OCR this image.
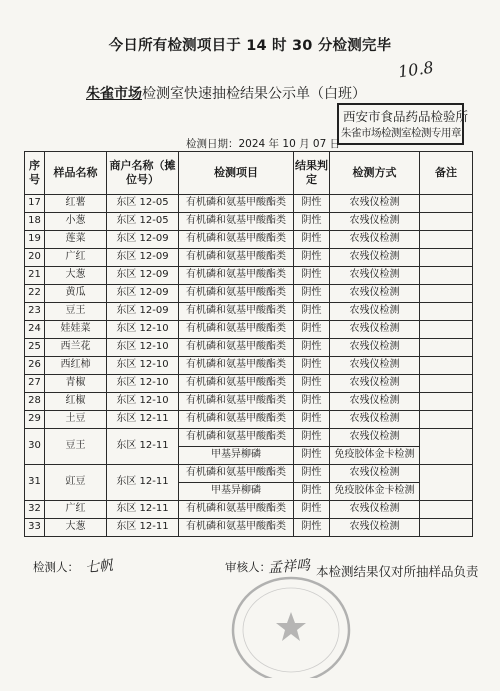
今日所有检测项目于 14 时 30 分检测完毕
朱雀市场检测室快速抽检结果公示单（白班）
10.8
西安市食品药品检验所
朱雀市场检测室检测专用章
检测日期：2024 年 10 月 07 日
序号	样品名称	商户名称（摊位号）	检测项目	结果判定	检测方式	备注
17	红薯	东区 12-05	有机磷和氨基甲酸酯类	阴性	农残仪检测	
18	小葱	东区 12-05	有机磷和氨基甲酸酯类	阴性	农残仪检测	
19	莲菜	东区 12-09	有机磷和氨基甲酸酯类	阴性	农残仪检测	
20	广红	东区 12-09	有机磷和氨基甲酸酯类	阴性	农残仪检测	
21	大葱	东区 12-09	有机磷和氨基甲酸酯类	阴性	农残仪检测	
22	黄瓜	东区 12-09	有机磷和氨基甲酸酯类	阴性	农残仪检测	
23	豆王	东区 12-09	有机磷和氨基甲酸酯类	阴性	农残仪检测	
24	娃娃菜	东区 12-10	有机磷和氨基甲酸酯类	阴性	农残仪检测	
25	西兰花	东区 12-10	有机磷和氨基甲酸酯类	阴性	农残仪检测	
26	西红柿	东区 12-10	有机磷和氨基甲酸酯类	阴性	农残仪检测	
27	青椒	东区 12-10	有机磷和氨基甲酸酯类	阴性	农残仪检测	
28	红椒	东区 12-10	有机磷和氨基甲酸酯类	阴性	农残仪检测	
29	土豆	东区 12-11	有机磷和氨基甲酸酯类	阴性	农残仪检测	
30	豆王	东区 12-11	有机磷和氨基甲酸酯类	阴性	农残仪检测	
			甲基异柳磷	阴性	免疫胶体金卡检测	
31	豇豆	东区 12-11	有机磷和氨基甲酸酯类	阴性	农残仪检测	
			甲基异柳磷	阴性	免疫胶体金卡检测	
32	广红	东区 12-11	有机磷和氨基甲酸酯类	阴性	农残仪检测	
33	大葱	东区 12-11	有机磷和氨基甲酸酯类	阴性	农残仪检测	
检测人： 七帆	审核人：
孟祥鸣 本检测结果仅对所抽样品负责
